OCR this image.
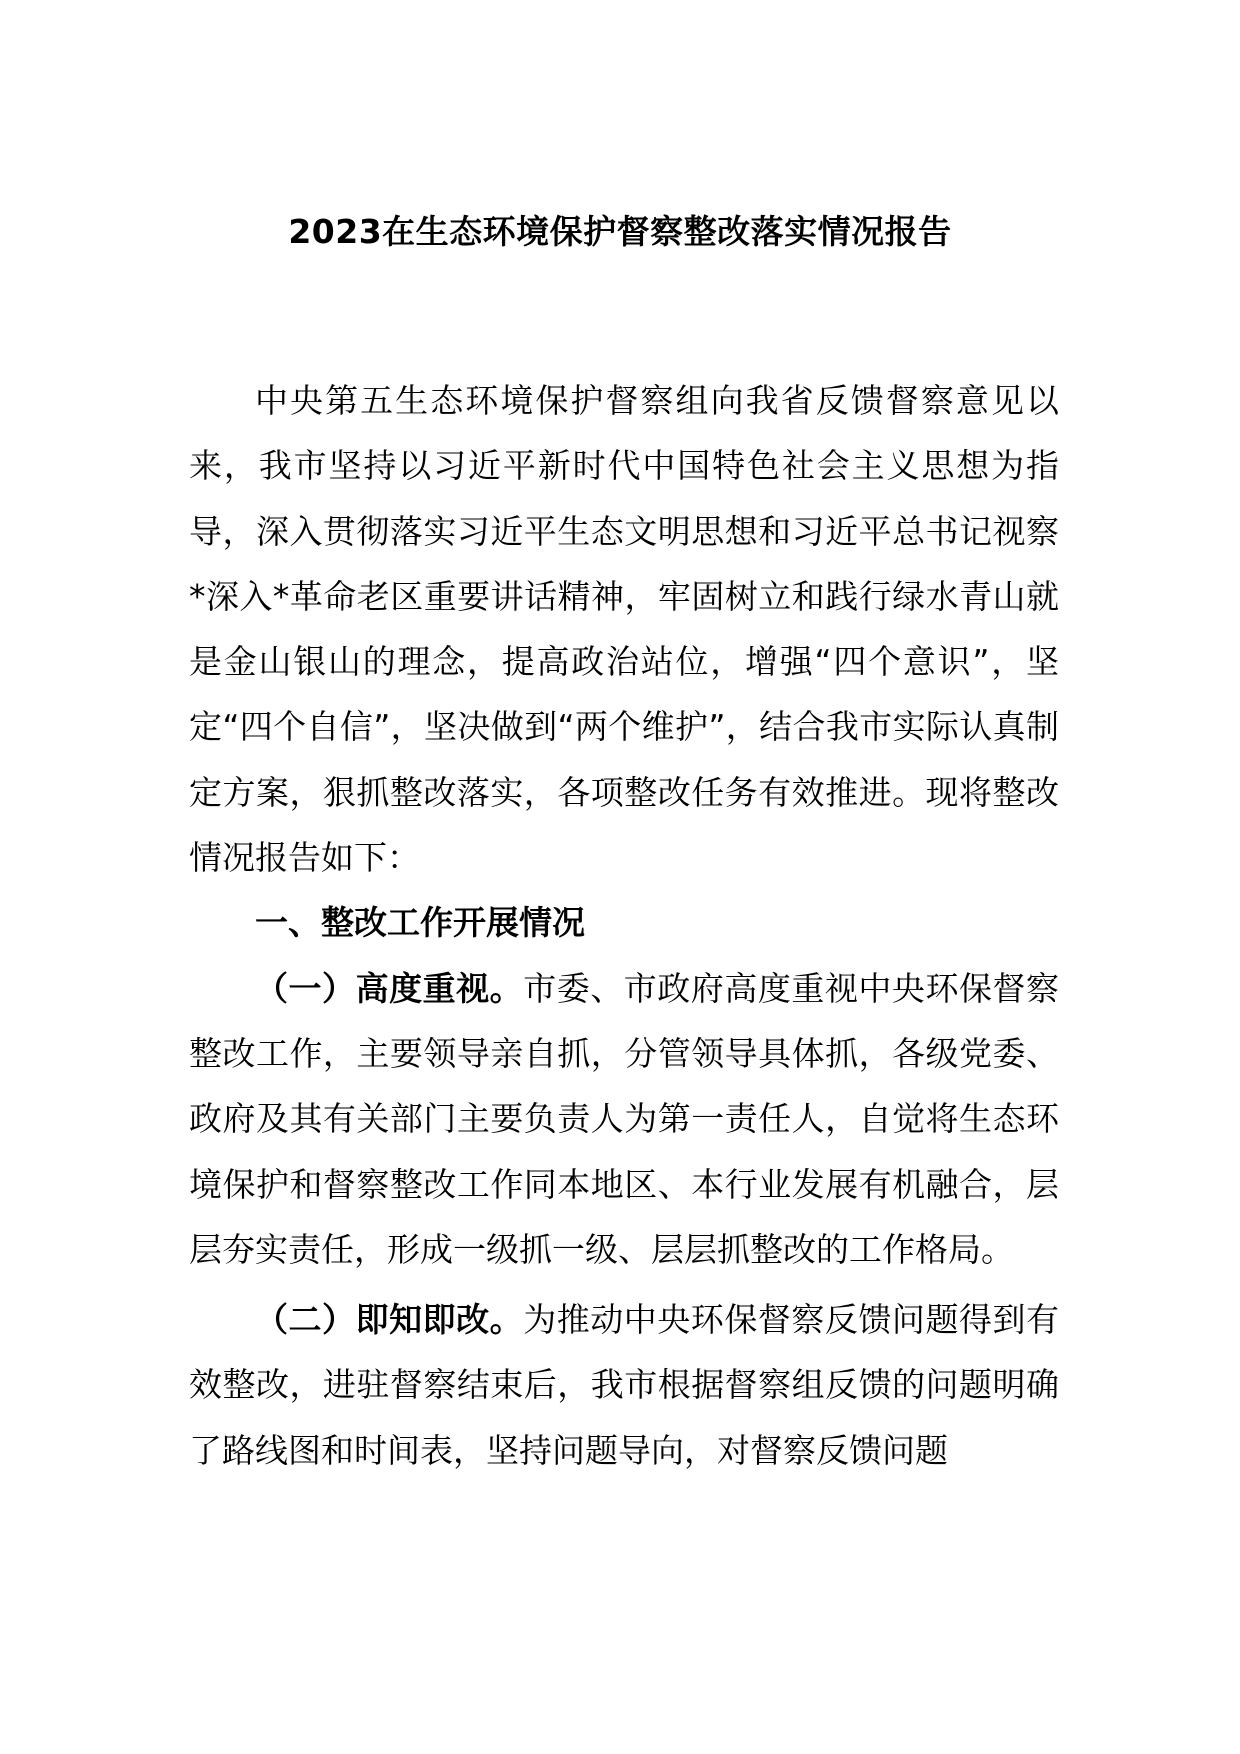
2023在生态环境保护督察整改落实情况报告

中央第五生态环境保护督察组向我省反馈督察意见以来，我市坚持以习近平新时代中国特色社会主义思想为指导，深入贯彻落实习近平生态文明思想和习近平总书记视察*深入*革命老区重要讲话精神，牢固树立和践行绿水青山就是金山银山的理念，提高政治站位，增强“四个意识”，坚定“四个自信”，坚决做到“两个维护”，结合我市实际认真制定方案，狠抓整改落实，各项整改任务有效推进。现将整改情况报告如下：

一、整改工作开展情况

（一）高度重视。市委、市政府高度重视中央环保督察整改工作，主要领导亲自抓，分管领导具体抓，各级党委、政府及其有关部门主要负责人为第一责任人，自觉将生态环境保护和督察整改工作同本地区、本行业发展有机融合，层层夯实责任，形成一级抓一级、层层抓整改的工作格局。

（二）即知即改。为推动中央环保督察反馈问题得到有效整改，进驻督察结束后，我市根据督察组反馈的问题明确了路线图和时间表，坚持问题导向，对督察反馈问题
